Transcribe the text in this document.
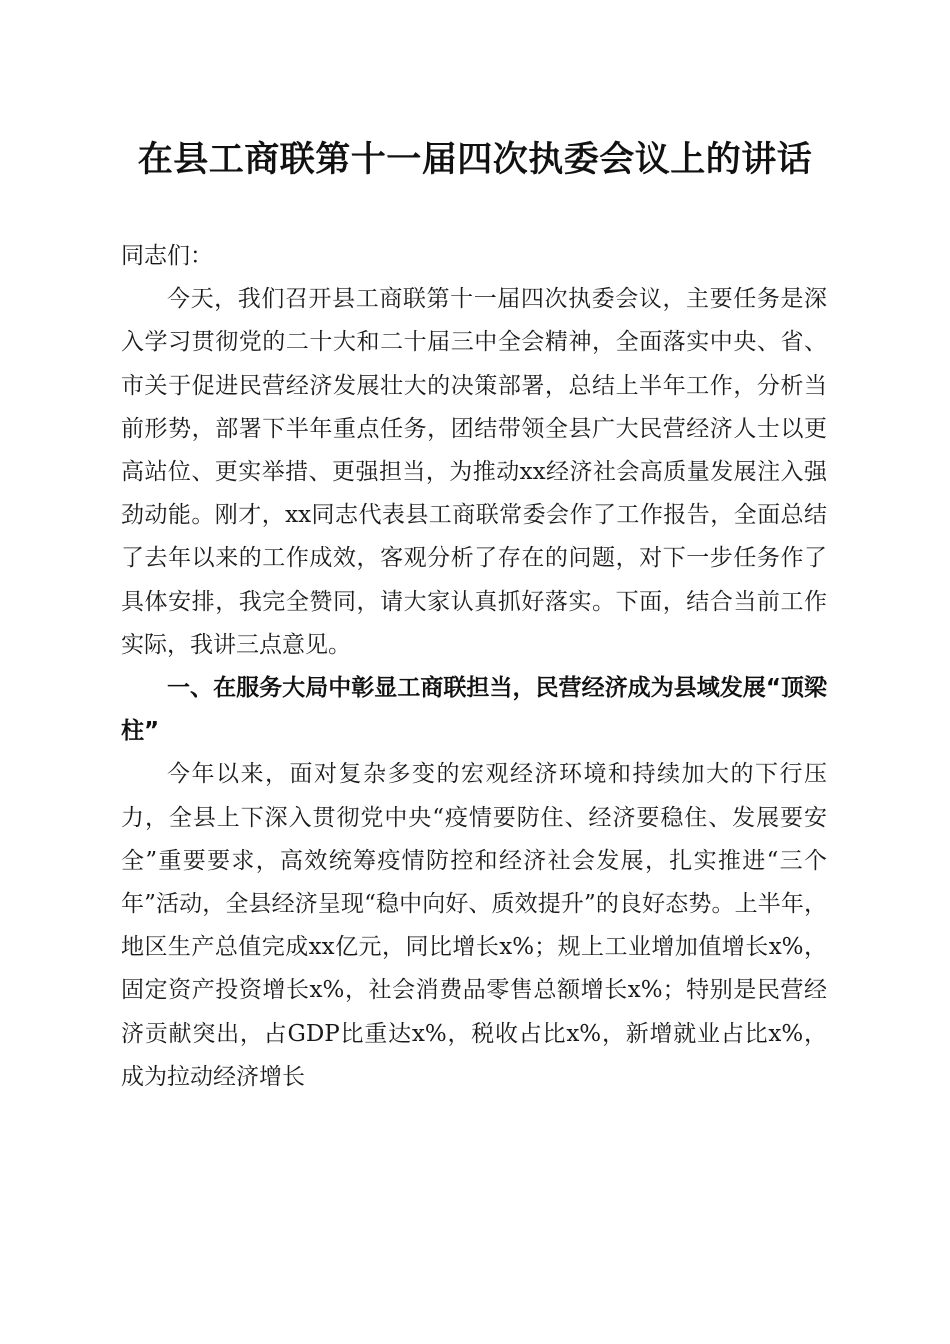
在县工商联第十一届四次执委会议上的讲话

同志们：

今天，我们召开县工商联第十一届四次执委会议，主要任务是深入学习贯彻党的二十大和二十届三中全会精神，全面落实中央、省、市关于促进民营经济发展壮大的决策部署，总结上半年工作，分析当前形势，部署下半年重点任务，团结带领全县广大民营经济人士以更高站位、更实举措、更强担当，为推动xx经济社会高质量发展注入强劲动能。刚才，xx同志代表县工商联常委会作了工作报告，全面总结了去年以来的工作成效，客观分析了存在的问题，对下一步任务作了具体安排，我完全赞同，请大家认真抓好落实。下面，结合当前工作实际，我讲三点意见。

一、在服务大局中彰显工商联担当，民营经济成为县域发展“顶梁柱”

今年以来，面对复杂多变的宏观经济环境和持续加大的下行压力，全县上下深入贯彻党中央“疫情要防住、经济要稳住、发展要安全”重要要求，高效统筹疫情防控和经济社会发展，扎实推进“三个年”活动，全县经济呈现“稳中向好、质效提升”的良好态势。上半年，地区生产总值完成xx亿元，同比增长x%；规上工业增加值增长x%，固定资产投资增长x%，社会消费品零售总额增长x%；特别是民营经济贡献突出，占GDP比重达x%，税收占比x%，新增就业占比x%，成为拉动经济增长
